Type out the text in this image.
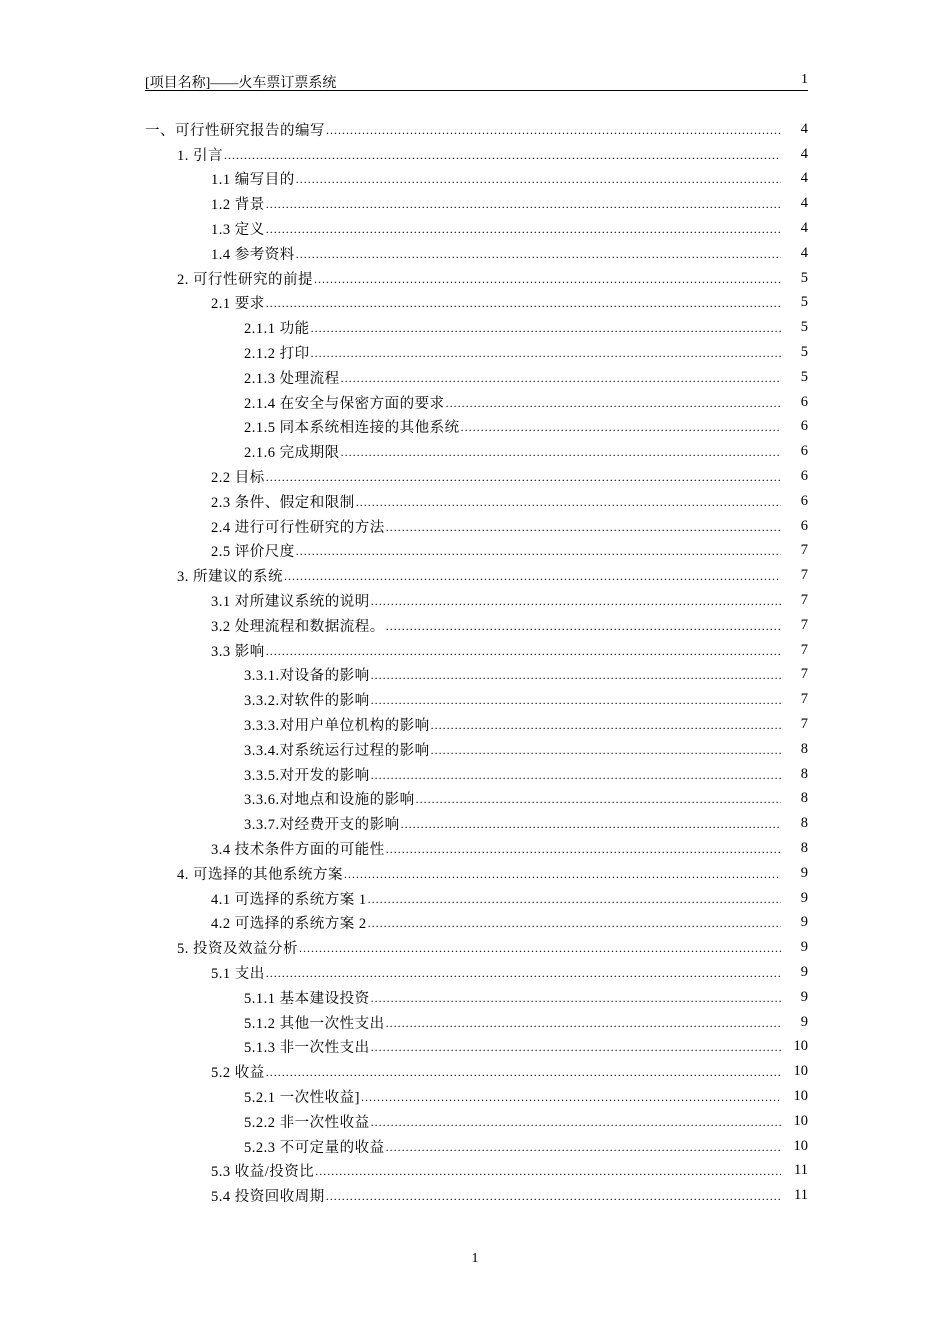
[项目名称]——火车票订票系统	1
一、可行性研究报告的编写 .....	4
1. 引言 .....	4
1.1 编写目的 .....	4
1.2 背景 .....	4
1.3 定义 .....	4
1.4 参考资料 .....	4
2. 可行性研究的前提 .....	5
2.1 要求 .....	5
2.1.1 功能 .....	5
2.1.2 打印 .....	5
2.1.3 处理流程 .....	5
2.1.4 在安全与保密方面的要求 .....	6
2.1.5 同本系统相连接的其他系统 .....	6
2.1.6 完成期限 .....	6
2.2 目标 .....	6
2.3 条件、假定和限制 .....	6
2.4 进行可行性研究的方法 .....	6
2.5 评价尺度 .....	7
3. 所建议的系统 .....	7
3.1 对所建议系统的说明 .....	7
3.2 处理流程和数据流程。 .....	7
3.3 影响 .....	7
3.3.1.对设备的影响 .....	7
3.3.2.对软件的影响 .....	7
3.3.3.对用户单位机构的影响 .....	7
3.3.4.对系统运行过程的影响 .....	8
3.3.5.对开发的影响 .....	8
3.3.6.对地点和设施的影响 .....	8
3.3.7.对经费开支的影响 .....	8
3.4 技术条件方面的可能性 .....	8
4. 可选择的其他系统方案 .....	9
4.1 可选择的系统方案 1 .....	9
4.2 可选择的系统方案 2 .....	9
5. 投资及效益分析 .....	9
5.1 支出 .....	9
5.1.1 基本建设投资 .....	9
5.1.2 其他一次性支出 .....	9
5.1.3 非一次性支出 .....	10
5.2 收益 .....	10
5.2.1 一次性收益] .....	10
5.2.2 非一次性收益 .....	10
5.2.3 不可定量的收益 .....	10
5.3 收益/投资比 .....	11
5.4 投资回收周期 .....	11
1
